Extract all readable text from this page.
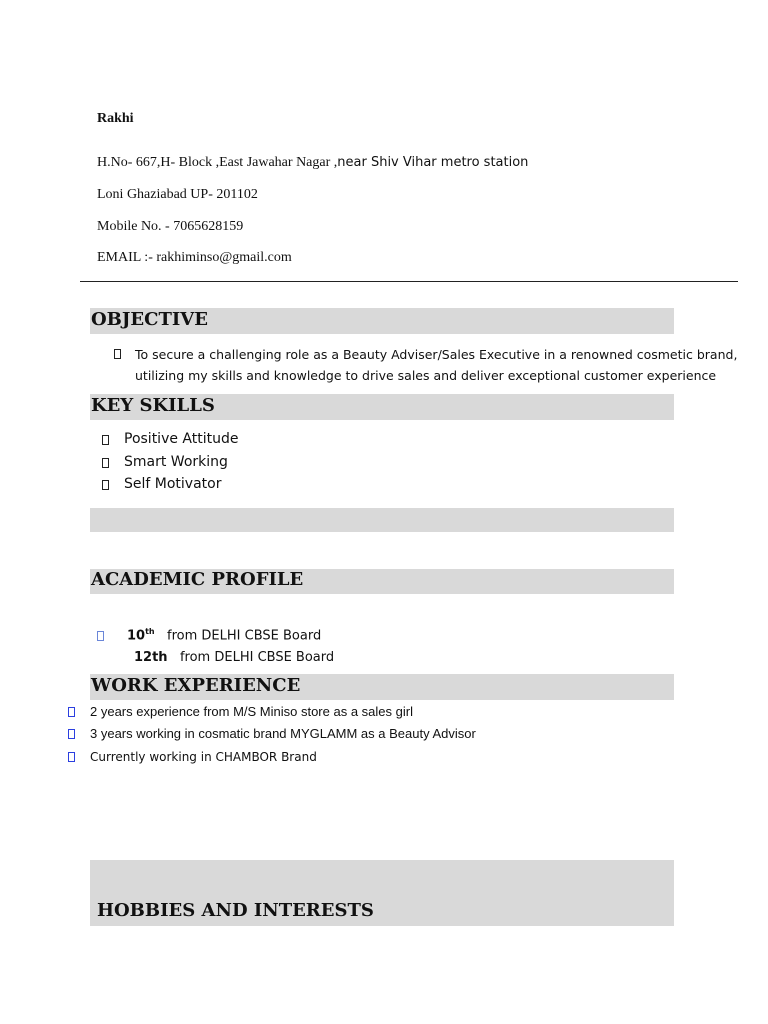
Rakhi
H.No- 667,H- Block ,East Jawahar Nagar ,near Shiv Vihar metro station
Loni Ghaziabad UP- 201102
Mobile No. - 7065628159
EMAIL :- rakhiminso@gmail.com
OBJECTIVE
To secure a challenging role as a Beauty Adviser/Sales Executive in a renowned cosmetic brand,
utilizing my skills and knowledge to drive sales and deliver exceptional customer experience
KEY SKILLS
Positive Attitude
Smart Working
Self Motivator
ACADEMIC PROFILE
10th from DELHI CBSE Board
12th from DELHI CBSE Board
WORK EXPERIENCE
2 years experience from M/S Miniso store as a sales girl
3 years working in cosmatic brand MYGLAMM as a Beauty Advisor
Currently working in CHAMBOR Brand
HOBBIES AND INTERESTS
